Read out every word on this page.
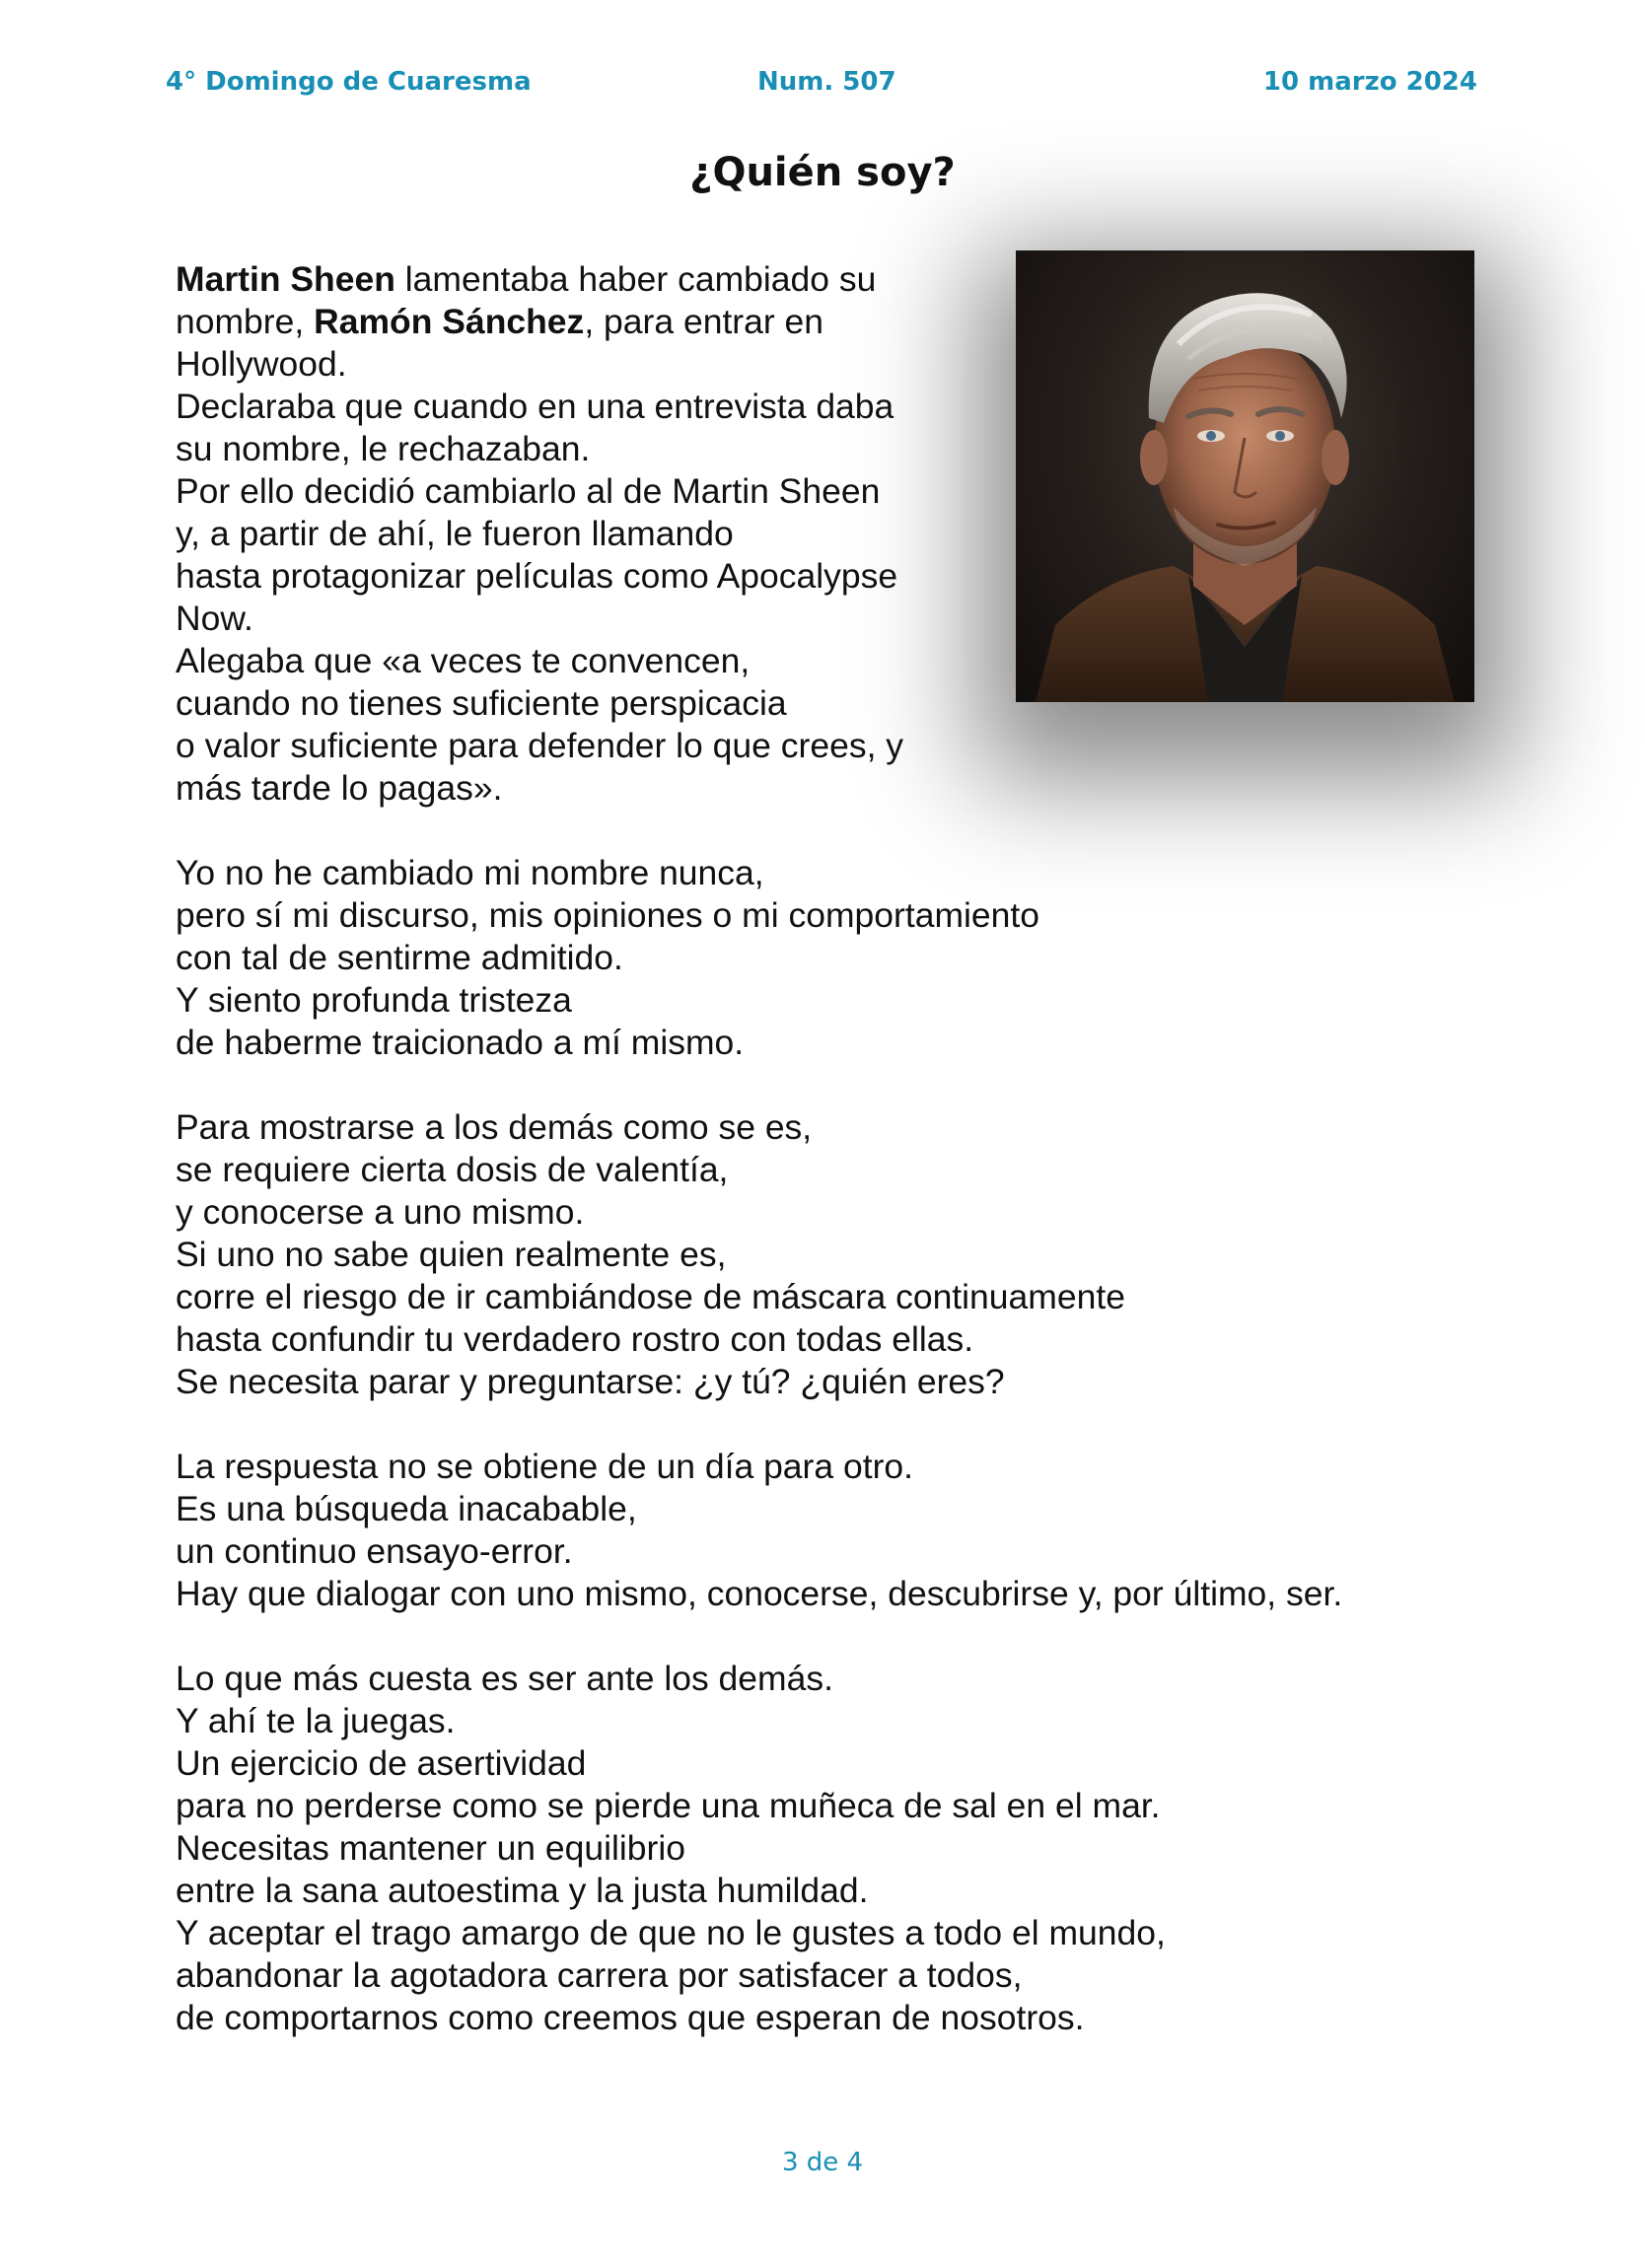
4° Domingo de Cuaresma	Num. 507	10 marzo 2024
¿Quién soy?
Martin Sheen lamentaba haber cambiado su
nombre, Ramón Sánchez, para entrar en
Hollywood.
Declaraba que cuando en una entrevista daba
su nombre, le rechazaban.
Por ello decidió cambiarlo al de Martin Sheen
y, a partir de ahí, le fueron llamando
hasta protagonizar películas como Apocalypse
Now.
Alegaba que «a veces te convencen,
cuando no tienes suficiente perspicacia
o valor suficiente para defender lo que crees, y
más tarde lo pagas».
Yo no he cambiado mi nombre nunca,
pero sí mi discurso, mis opiniones o mi comportamiento
con tal de sentirme admitido.
Y siento profunda tristeza
de haberme traicionado a mí mismo.
Para mostrarse a los demás como se es,
se requiere cierta dosis de valentía,
y conocerse a uno mismo.
Si uno no sabe quien realmente es,
corre el riesgo de ir cambiándose de máscara continuamente
hasta confundir tu verdadero rostro con todas ellas.
Se necesita parar y preguntarse: ¿y tú? ¿quién eres?
La respuesta no se obtiene de un día para otro.
Es una búsqueda inacabable,
un continuo ensayo-error.
Hay que dialogar con uno mismo, conocerse, descubrirse y, por último, ser.
Lo que más cuesta es ser ante los demás.
Y ahí te la juegas.
Un ejercicio de asertividad
para no perderse como se pierde una muñeca de sal en el mar.
Necesitas mantener un equilibrio
entre la sana autoestima y la justa humildad.
Y aceptar el trago amargo de que no le gustes a todo el mundo,
abandonar la agotadora carrera por satisfacer a todos,
de comportarnos como creemos que esperan de nosotros.
3 de 4
